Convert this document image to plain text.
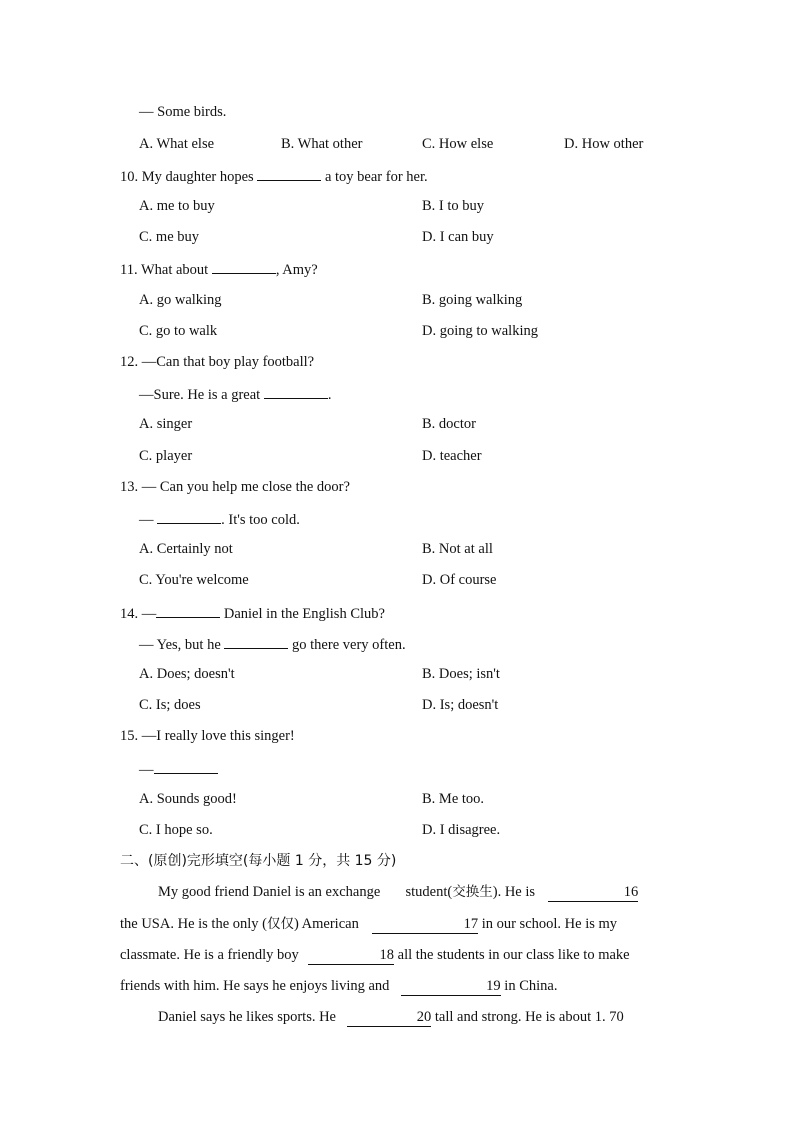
— Some birds.
A. What else	B. What other	C. How else	D. How other
10. My daughter hopes	a toy bear for her.
A. me to buy	B. I to buy
C. me buy	D. I can buy
11. What about	, Amy?
A. go walking	B. going walking
C. go to walk	D. going to walking
12. —Can that boy play football?
—Sure. He is a great	.
A. singer	B. doctor
C. player	D. teacher
13. — Can you help me close the door?
—	. It's too cold.
A. Certainly not	B. Not at all
C. You're welcome	D. Of course
14. —	Daniel in the English Club?
— Yes, but he	go there very often.
A. Does; doesn't	B. Does; isn't
C. Is; does	D. Is; doesn't
15. —I really love this singer!
—
A. Sounds good!	B. Me too.
C. I hope so.	D. I disagree.
二、(原创)完形填空(每小题 1 分，共 15 分)
My good friend Daniel is an exchange student(交换生). He is	16
the USA. He is the only (仅仅) American	17 in our school. He is my
classmate. He is a friendly boy	18 all the students in our class like to make
friends with him. He says he enjoys living and	19 in China.
Daniel says he likes sports. He	20 tall and strong. He is about 1. 70
